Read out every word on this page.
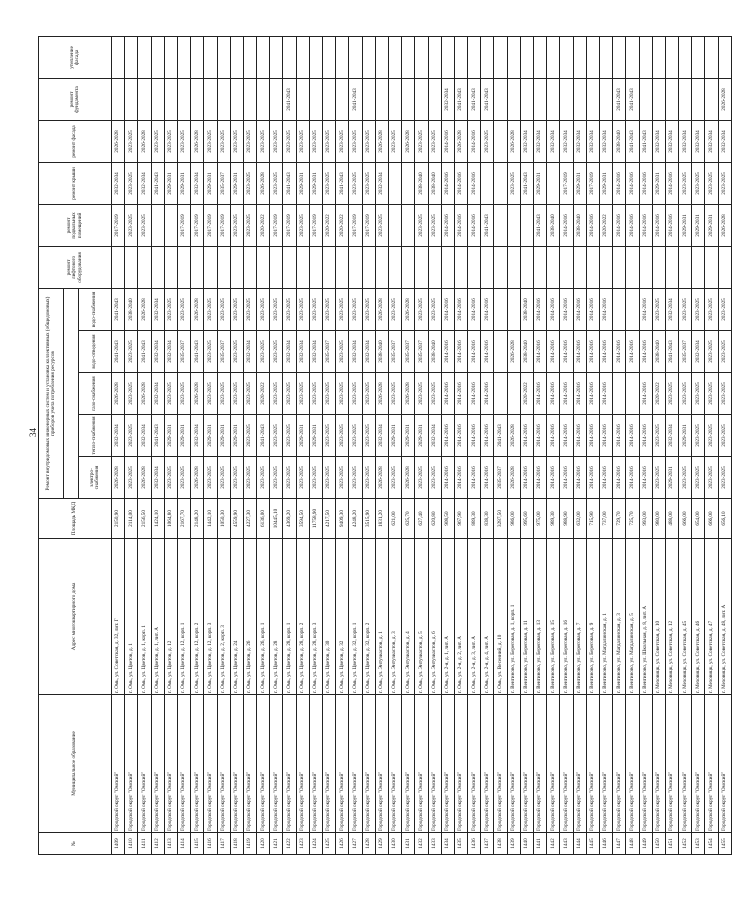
34
№	Муниципальное образование	Адрес многоквартирного дома	Площадь МКД	Ремонт внутридомовых инженерных систем и установка коллективных (общедомовых) приборов учета потребления ресурсов					ремонт лифтового оборудования	ремонт подвальных помещений	ремонт крыши	ремонт фасада	ремонт фундамента	утепление фасада

				электро-снабжения	тепло-снабжения	газо-снабжения	водо-отведения	водо-снабжения						
1409	Городской округ "Омский"	г. Омь, ул. Советская, д. 32, лит. Г	2150,90	2026-2028	2032-2034	2026-2028	2041-2043	2041-2043		2017-2019	2032-2034	2026-2028		
1410	Городской округ "Омский"	г. Омь, ул. Цветов, д. 1	2114,00	2023-2025	2023-2025	2023-2025	2023-2025	2038-2040		2023-2025	2023-2025	2023-2025		
1411	Городской округ "Омский"	г. Омь, ул. Цветов, д. 1, корп. 1	2156,50	2026-2028	2032-2034	2026-2028	2041-2043	2026-2028		2023-2025	2032-2034	2026-2028		
1412	Городской округ "Омский"	г. Омь, ул. Цветов, д. 1, лит. А	1424,10	2032-2034	2041-2043	2032-2034	2032-2034	2032-2034			2041-2043	2023-2025		
1413	Городской округ "Омский"	г. Омь, ул. Цветов, д. 12	1064,80	2023-2025	2029-2031	2023-2025	2032-2034	2023-2025			2029-2031	2023-2025		
1414	Городской округ "Омский"	г. Омь, ул. Цветов, д. 12, корп. 1	2167,70	2023-2025	2029-2031	2023-2025	2035-2037	2023-2025		2017-2019	2029-2031	2023-2025		
1415	Городской округ "Омский"	г. Омь, ул. Цветов, д. 12, корп. 2	2148,20	2026-2028	2032-2034	2026-2028	2041-2043	2026-2028		2017-2019	2032-2034	2026-2028		
1416	Городской округ "Омский"	г. Омь, ул. Цветов, д. 12, корп. 3	1442,10	2023-2025	2029-2031	2023-2025	2023-2025	2023-2025		2017-2019	2029-2031	2023-2025		
1417	Городской округ "Омский"	г. Омь, ул. Цветов, д. 2, корп. 3	1050,30	2023-2025	2029-2031	2023-2025	2035-2037	2023-2025		2017-2019	2035-2037	2023-2025		
1418	Городской округ "Омский"	г. Омь, ул. Цветов, д. 24	4559,90	2023-2025	2029-2031	2023-2025	2023-2025	2023-2025		2023-2025	2029-2031	2023-2025		
1419	Городской округ "Омский"	г. Омь, ул. Цветов, д. 26	4227,30	2023-2025	2023-2025	2023-2025	2032-2034	2023-2025		2023-2025	2023-2025	2023-2025		
1420	Городской округ "Омский"	г. Омь, ул. Цветов, д. 26, корп. 1	6136,00	2023-2025	2041-2043	2020-2022	2023-2025	2023-2025		2020-2022	2026-2028	2023-2025		
1421	Городской округ "Омский"	г. Омь, ул. Цветов, д. 28	10445,10	2023-2025	2023-2025	2023-2025	2023-2025	2023-2025		2017-2019	2023-2025	2023-2025		
1422	Городской округ "Омский"	г. Омь, ул. Цветов, д. 28, корп. 1	4369,20	2023-2025	2023-2025	2023-2025	2032-2034	2023-2025		2017-2019	2041-2043	2023-2025	2041-2043	
1423	Городской округ "Омский"	г. Омь, ул. Цветов, д. 28, корп. 2	3594,50	2023-2025	2029-2031	2023-2025	2032-2034	2023-2025		2023-2025	2029-2031	2023-2025		
1424	Городской округ "Омский"	г. Омь, ул. Цветов, д. 28, корп. 3	11758,90	2023-2025	2029-2031	2023-2025	2032-2034	2023-2025		2017-2019	2029-2031	2023-2025		
1425	Городской округ "Омский"	г. Омь, ул. Цветов, д. 30	4217,50	2023-2025	2023-2025	2023-2025	2035-2037	2023-2025		2020-2022	2023-2025	2023-2025		
1426	Городской округ "Омский"	г. Омь, ул. Цветов, д. 32	9409,30	2023-2025	2023-2025	2023-2025	2023-2025	2023-2025		2020-2022	2041-2043	2023-2025		
1427	Городской округ "Омский"	г. Омь, ул. Цветов, д. 32, корп. 1	4248,20	2023-2025	2023-2025	2023-2025	2032-2034	2023-2025		2017-2019	2023-2025	2023-2025	2041-2043	
1428	Городской округ "Омский"	г. Омь, ул. Цветов, д. 32, корп. 2	3515,90	2023-2025	2023-2025	2023-2025	2032-2034	2023-2025		2017-2019	2023-2025	2023-2025		
1429	Городской округ "Омский"	г. Омь, ул. Энтузиастов, д. 1	1831,20	2026-2028	2032-2034	2026-2028	2038-2040	2026-2028		2023-2025	2032-2034	2026-2028		
1430	Городской округ "Омский"	г. Омь, ул. Энтузиастов, д. 3	621,00	2023-2025	2029-2031	2023-2025	2035-2037	2023-2025				2023-2025		
1431	Городской округ "Омский"	г. Омь, ул. Энтузиастов, д. 4	625,70	2026-2028	2029-2031	2026-2028	2035-2037	2026-2028				2026-2028		
1432	Городской округ "Омский"	г. Омь, ул. Энтузиастов, д. 5	627,40	2023-2025	2029-2031	2023-2025	2035-2037	2023-2025		2023-2025	2038-2040	2023-2025		
1433	Городской округ "Омский"	г. Омь, ул. Энтузиастов, д. 6	620,80	2023-2025	2032-2034	2023-2025	2038-2040	2023-2025		2023-2025	2038-2040	2023-2025		
1434	Городской округ "Омский"	г. Омь, ул. 2-я, д. 1, лит. А	908,50	2014-2016	2014-2016	2014-2016	2014-2016	2014-2016		2014-2016	2014-2016	2014-2016	2032-2034	
1435	Городской округ "Омский"	г. Омь, ул. 2-я, д. 2, лит. А	967,90	2014-2016	2014-2016	2014-2016	2014-2016	2014-2016		2014-2016	2014-2016	2026-2028	2041-2043	
1436	Городской округ "Омский"	г. Омь, ул. 2-я, д. 3, лит. А	889,30	2014-2016	2014-2016	2014-2016	2014-2016	2014-2016		2014-2016	2014-2016	2014-2016	2041-2043	
1437	Городской округ "Омский"	г. Омь, ул. 2-я, д. 4, лит. А	838,30	2014-2016	2014-2016	2014-2016	2014-2016	2014-2016		2041-2043		2023-2025	2041-2043	
1438	Городской округ "Омский"	г. Омь, ул. Весенний, д. 10	3287,50	2035-2037	2041-2043									
1439	Городской округ "Омский"	г. Венгиново, ул. Береговая, д. 1, корп. 1	986,00	2026-2028	2026-2028		2026-2028				2023-2025	2026-2028		
1440	Городской округ "Омский"	г. Венгиново, ул. Береговая, д. 11	995,60	2014-2016	2014-2016	2020-2022	2038-2040	2038-2040			2041-2043	2032-2034		
1441	Городской округ "Омский"	г. Венгиново, ул. Береговая, д. 13	975,00	2014-2016	2014-2016	2014-2016	2014-2016	2014-2016		2041-2043	2029-2031	2032-2034		
1442	Городской округ "Омский"	г. Венгиново, ул. Береговая, д. 15	989,30	2014-2016	2014-2016	2014-2016	2014-2016	2014-2016		2038-2040		2032-2034		
1443	Городской округ "Омский"	г. Венгиново, ул. Береговая, д. 16	988,90	2014-2016	2014-2016	2014-2016	2014-2016	2014-2016		2014-2016	2017-2019	2032-2034		
1444	Городской округ "Омский"	г. Венгиново, ул. Береговая, д. 7	632,00	2014-2016	2014-2016	2014-2016	2014-2016	2014-2016		2038-2040	2029-2031	2032-2034		
1445	Городской округ "Омский"	г. Венгиново, ул. Береговая, д. 9	715,90	2014-2016	2014-2016	2014-2016	2014-2016	2014-2016		2014-2016	2017-2019	2032-2034		
1446	Городской округ "Омский"	г. Венгиново, ул. Магдалинская, д. 1	737,00	2014-2016	2014-2016	2014-2016	2014-2016	2014-2016		2020-2022	2029-2031	2032-2034		
1447	Городской округ "Омский"	г. Венгиново, ул. Магдалинская, д. 3	729,70	2014-2016	2014-2016		2014-2016			2014-2016	2014-2016	2038-2040	2041-2043	
1448	Городской округ "Омский"	г. Венгиново, ул. Магдалинская, д. 5	725,70	2014-2016	2014-2016		2014-2016			2014-2016	2014-2016	2041-2043	2041-2043	
1449	Городской округ "Омский"	г. Венгиново, ул. Школьная, д. 8, лит. А	993,00	2014-2016	2014-2016	2014-2016	2014-2016	2014-2016		2014-2016	2014-2016	2041-2043		
1450	Городской округ "Омский"	г. Меховицк, ул. Советская, д. 10	980,00	2023-2025	2023-2025	2020-2022	2038-2040	2023-2025		2014-2016	2029-2031	2032-2034		
1451	Городской округ "Омский"	г. Меховицк, ул. Советская, д. 12	488,00	2029-2031	2032-2034	2023-2025	2041-2043	2032-2034		2014-2016	2014-2016	2032-2034		
1452	Городской округ "Омский"	г. Меховицк, ул. Советская, д. 45	666,00	2023-2025	2029-2031	2023-2025	2035-2037	2023-2025		2029-2031	2023-2025	2032-2034		
1453	Городской округ "Омский"	г. Меховицк, ул. Советская, д. 46	654,00	2023-2025	2023-2025	2023-2025	2032-2034	2023-2025		2029-2031	2023-2025	2032-2034		
1454	Городской округ "Омский"	г. Меховицк, ул. Советская, д. 47	666,00	2023-2025	2023-2025	2023-2025	2023-2025	2023-2025		2029-2031	2023-2025	2032-2034		
1455	Городской округ "Омский"	г. Меховицк, ул. Советская, д. 48, лит. А	656,10	2023-2025	2023-2025	2023-2025	2023-2025	2023-2025		2026-2028	2023-2025	2032-2034	2026-2028	
